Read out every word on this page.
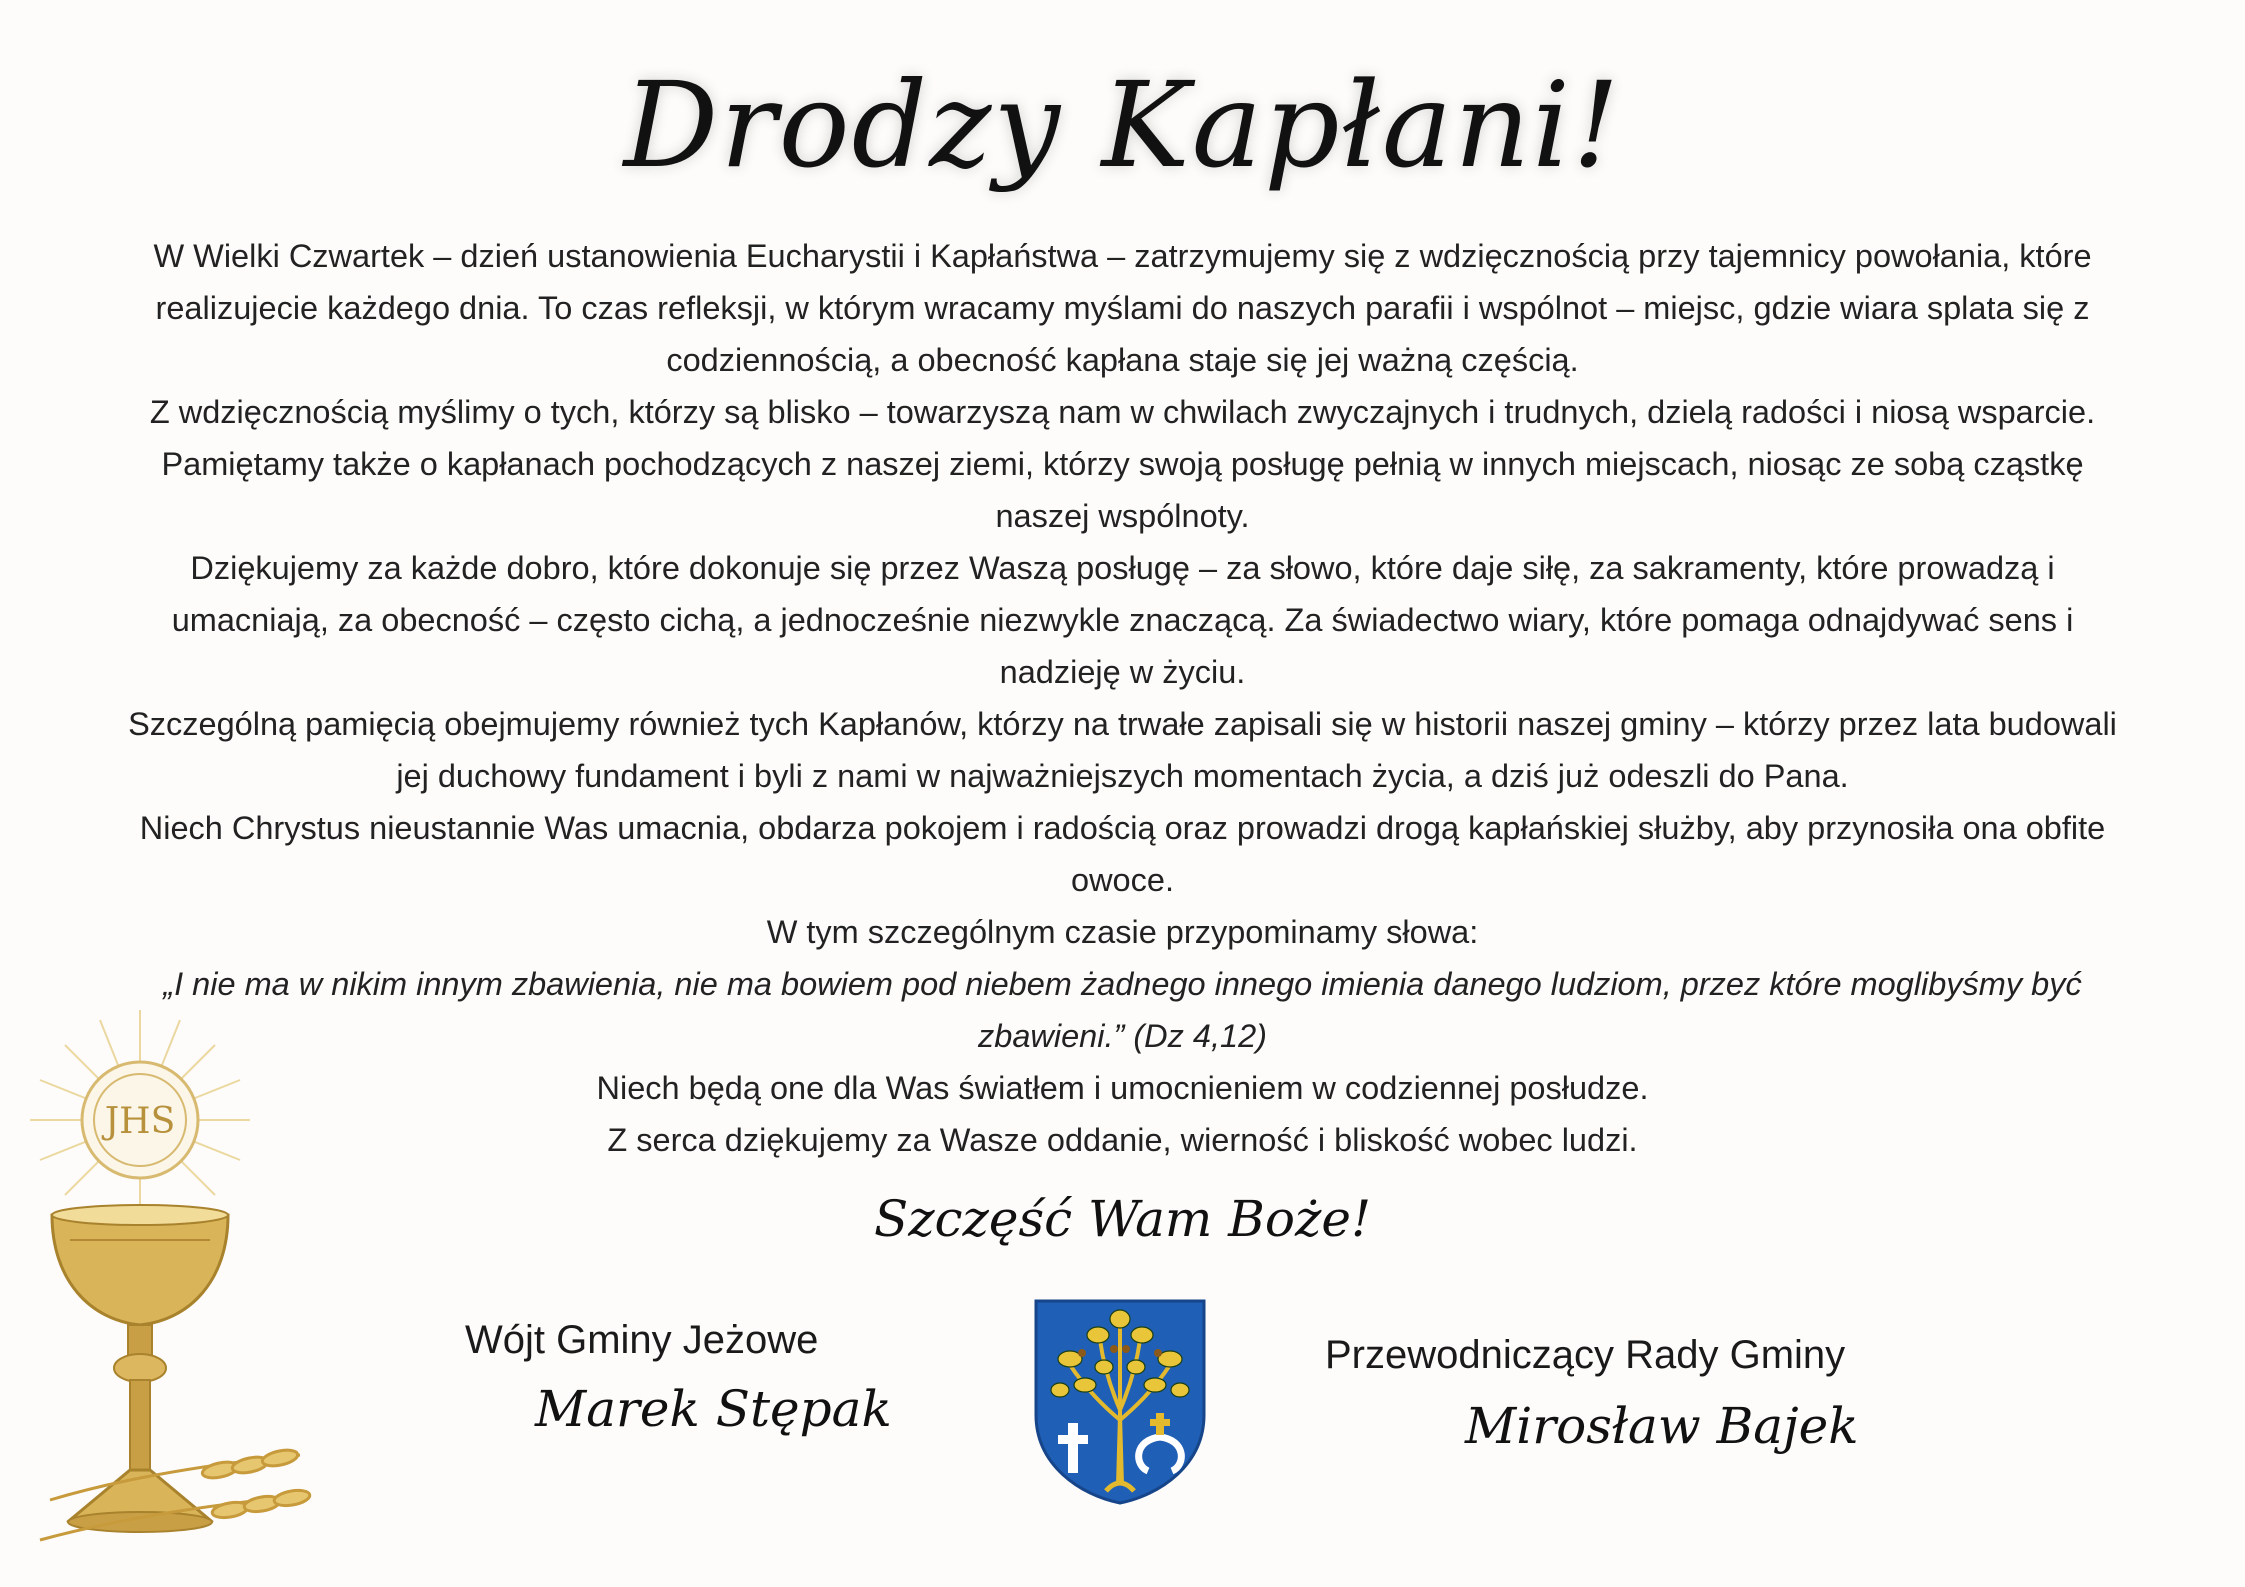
Drodzy Kapłani!

W Wielki Czwartek – dzień ustanowienia Eucharystii i Kapłaństwa – zatrzymujemy się z wdzięcznością przy tajemnicy powołania, które realizujecie każdego dnia. To czas refleksji, w którym wracamy myślami do naszych parafii i wspólnot – miejsc, gdzie wiara splata się z codziennością, a obecność kapłana staje się jej ważną częścią.

Z wdzięcznością myślimy o tych, którzy są blisko – towarzyszą nam w chwilach zwyczajnych i trudnych, dzielą radości i niosą wsparcie. Pamiętamy także o kapłanach pochodzących z naszej ziemi, którzy swoją posługę pełnią w innych miejscach, niosąc ze sobą cząstkę naszej wspólnoty.

Dziękujemy za każde dobro, które dokonuje się przez Waszą posługę – za słowo, które daje siłę, za sakramenty, które prowadzą i umacniają, za obecność – często cichą, a jednocześnie niezwykle znaczącą. Za świadectwo wiary, które pomaga odnajdywać sens i nadzieję w życiu.

Szczególną pamięcią obejmujemy również tych Kapłanów, którzy na trwałe zapisali się w historii naszej gminy – którzy przez lata budowali jej duchowy fundament i byli z nami w najważniejszych momentach życia, a dziś już odeszli do Pana.

Niech Chrystus nieustannie Was umacnia, obdarza pokojem i radością oraz prowadzi drogą kapłańskiej służby, aby przynosiła ona obfite owoce.

W tym szczególnym czasie przypominamy słowa:

„I nie ma w nikim innym zbawienia, nie ma bowiem pod niebem żadnego innego imienia danego ludziom, przez które moglibyśmy być zbawieni.” (Dz 4,12)

Niech będą one dla Was światłem i umocnieniem w codziennej posłudze.

Z serca dziękujemy za Wasze oddanie, wierność i bliskość wobec ludzi.

Szczęść Wam Boże!
Wójt Gminy Jeżowe
Marek Stępak
Przewodniczący Rady Gminy
Mirosław Bajek
JHS
